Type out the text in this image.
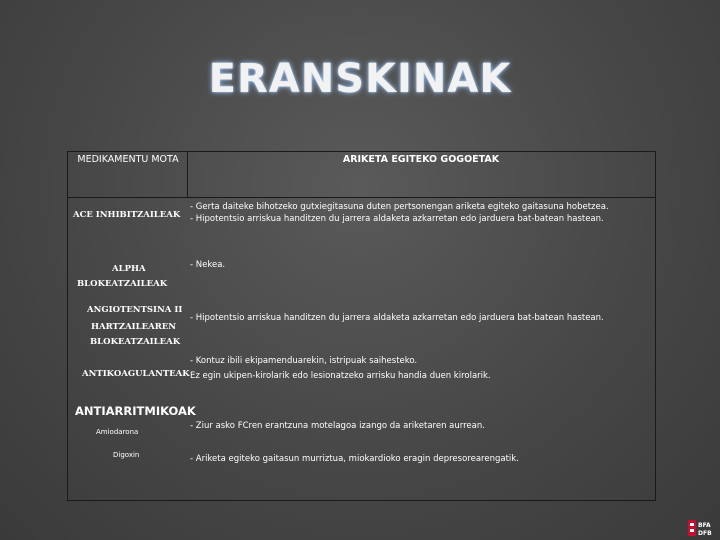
ERANSKINAK
MEDIKAMENTU MOTA	ARIKETA EGITEKO GOGOETAK
ACE INHIBITZAILEAK
- Gerta daiteke bihotzeko gutxiegitasuna duten pertsonengan ariketa egiteko gaitasuna hobetzea.
- Hipotentsio arriskua handitzen du jarrera aldaketa azkarretan edo jarduera bat-batean hastean.
ALPHA
BLOKEATZAILEAK
- Nekea.
ANGIOTENTSINA II
HARTZAILEAREN
BLOKEATZAILEAK
- Hipotentsio arriskua handitzen du jarrera aldaketa azkarretan edo jarduera bat-batean hastean.
- Kontuz ibili ekipamenduarekin, istripuak saihesteko.
ANTIKOAGULANTEAK Ez egin ukipen-kirolarik edo lesionatzeko arrisku handia duen kirolarik.
ANTIARRITMIKOAK
Amiodarona
- Ziur asko FCren erantzuna motelagoa izango da ariketaren aurrean.
Digoxin	- Ariketa egiteko gaitasun murriztua, miokardioko eragin depresorearengatik.
BFA
DFB
